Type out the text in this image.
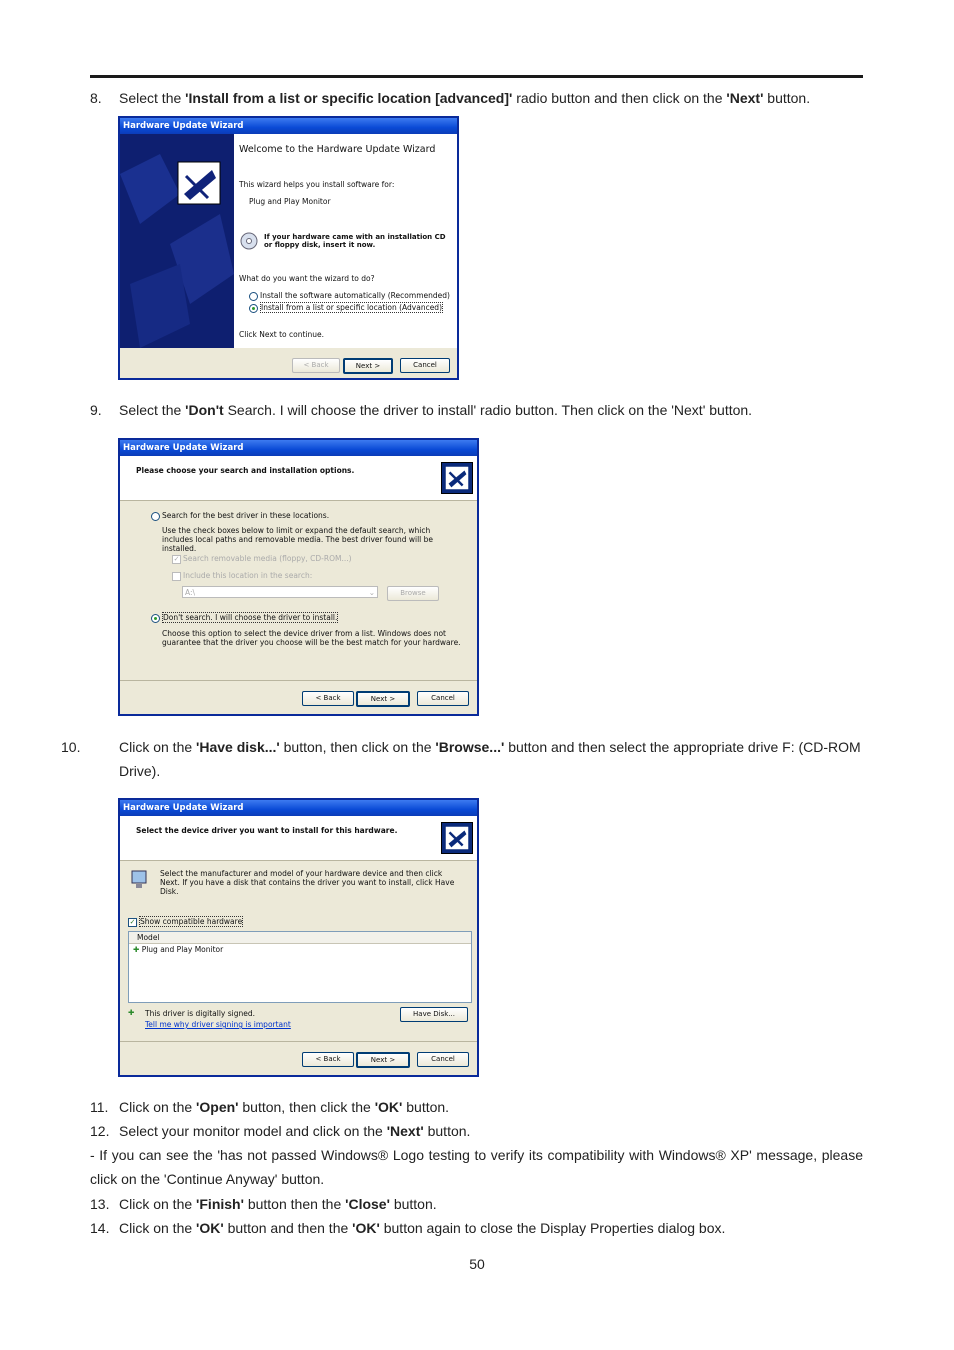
8. Select the 'Install from a list or specific location [advanced]' radio button and then click on the 'Next' button.
Hardware Update Wizard
Welcome to the Hardware Update Wizard
This wizard helps you install software for:
Plug and Play Monitor
If your hardware came with an installation CD or floppy disk, insert it now.
What do you want the wizard to do?
Install the software automatically (Recommended)
Install from a list or specific location (Advanced)
Click Next to continue.
< Back	Next >	Cancel
9. Select the 'Don't Search. I will choose the driver to install' radio button. Then click on the 'Next' button.
Hardware Update Wizard
Please choose your search and installation options.
Search for the best driver in these locations.
Use the check boxes below to limit or expand the default search, which includes local paths and removable media. The best driver found will be installed.
✓ Search removable media (floppy, CD-ROM...)
Include this location in the search:
A:\	⌄	Browse
Don't search. I will choose the driver to install.
Choose this option to select the device driver from a list. Windows does not guarantee that the driver you choose will be the best match for your hardware.
< Back	Next >	Cancel
10.	Click on the 'Have disk...' button, then click on the 'Browse...' button and then select the appropriate drive F: (CD-ROM Drive).
Hardware Update Wizard
Select the device driver you want to install for this hardware.
Select the manufacturer and model of your hardware device and then click Next. If you have a disk that contains the driver you want to install, click Have Disk.
✓ Show compatible hardware
Model
✚ Plug and Play Monitor
✚ This driver is digitally signed.
Tell me why driver signing is important
Have Disk...
< Back	Next >	Cancel
11. Click on the 'Open' button, then click the 'OK' button.
12. Select your monitor model and click on the 'Next' button.
- If you can see the 'has not passed Windows® Logo testing to verify its compatibility with Windows® XP' message, please click on the 'Continue Anyway' button.
13. Click on the 'Finish' button then the 'Close' button.
14. Click on the 'OK' button and then the 'OK' button again to close the Display Properties dialog box.
50
